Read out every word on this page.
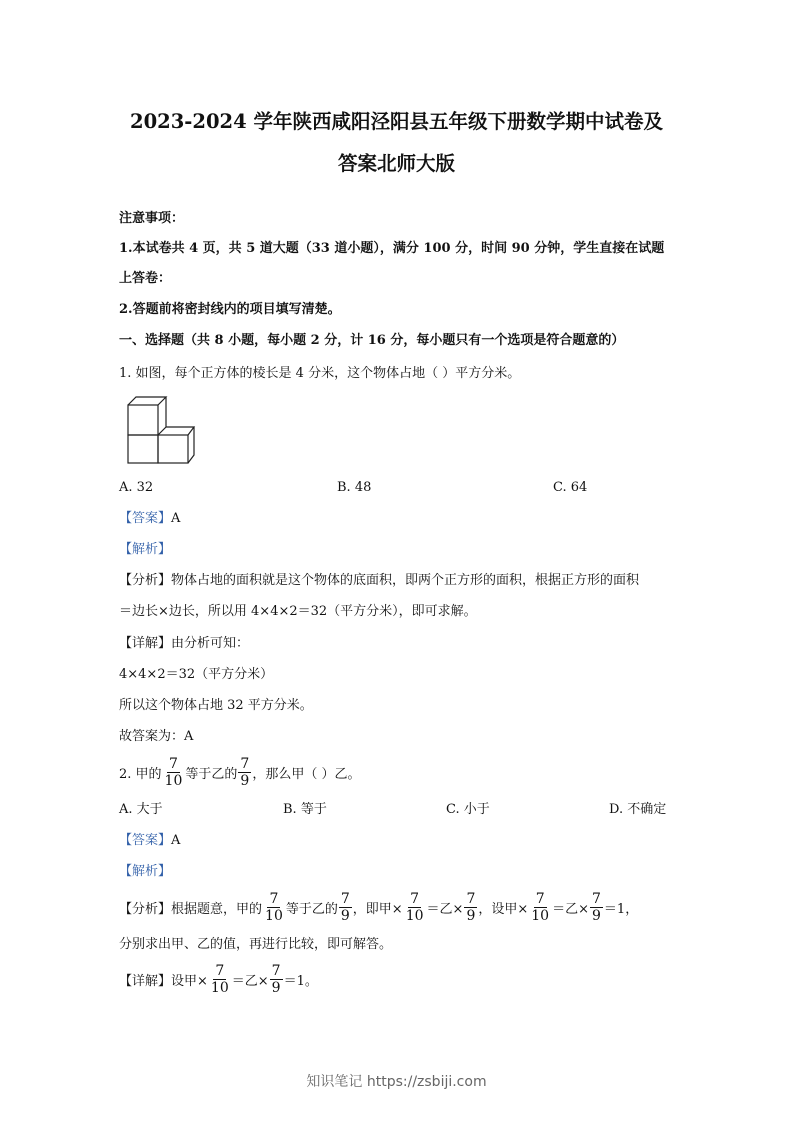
2023-2024 学年陕西咸阳泾阳县五年级下册数学期中试卷及
答案北师大版
注意事项：
1.本试卷共 4 页，共 5 道大题（33 道小题），满分 100 分，时间 90 分钟，学生直接在试题
上答卷：
2.答题前将密封线内的项目填写清楚。
一、选择题（共 8 小题，每小题 2 分，计 16 分，每小题只有一个选项是符合题意的）
1. 如图，每个正方体的棱长是 4 分米，这个物体占地（ ）平方分米。
A. 32	B. 48	C. 64
【答案】A
【解析】
【分析】物体占地的面积就是这个物体的底面积，即两个正方形的面积，根据正方形的面积
＝边长×边长，所以用 4×4×2＝32（平方分米），即可求解。
【详解】由分析可知：
4×4×2＝32（平方分米）
所以这个物体占地 32 平方分米。
故答案为：A
2. 甲的 $\frac{7}{10}$ 等于乙的 $\frac{7}{9}$ ，那么甲（ ）乙。
A. 大于	B. 等于	C. 小于	D. 不确定
【答案】A
【解析】
【分析】根据题意，甲的 $\frac{7}{10}$ 等于乙的 $\frac{7}{9}$ ，即甲× $\frac{7}{10}$ ＝乙× $\frac{7}{9}$ ，设甲× $\frac{7}{10}$ ＝乙× $\frac{7}{9} =1$，
分别求出甲、乙的值，再进行比较，即可解答。
【详解】设甲× $\frac{7}{10}$ ＝乙× $\frac{7}{9} =1$。
知识笔记 https://zsbiji.com
